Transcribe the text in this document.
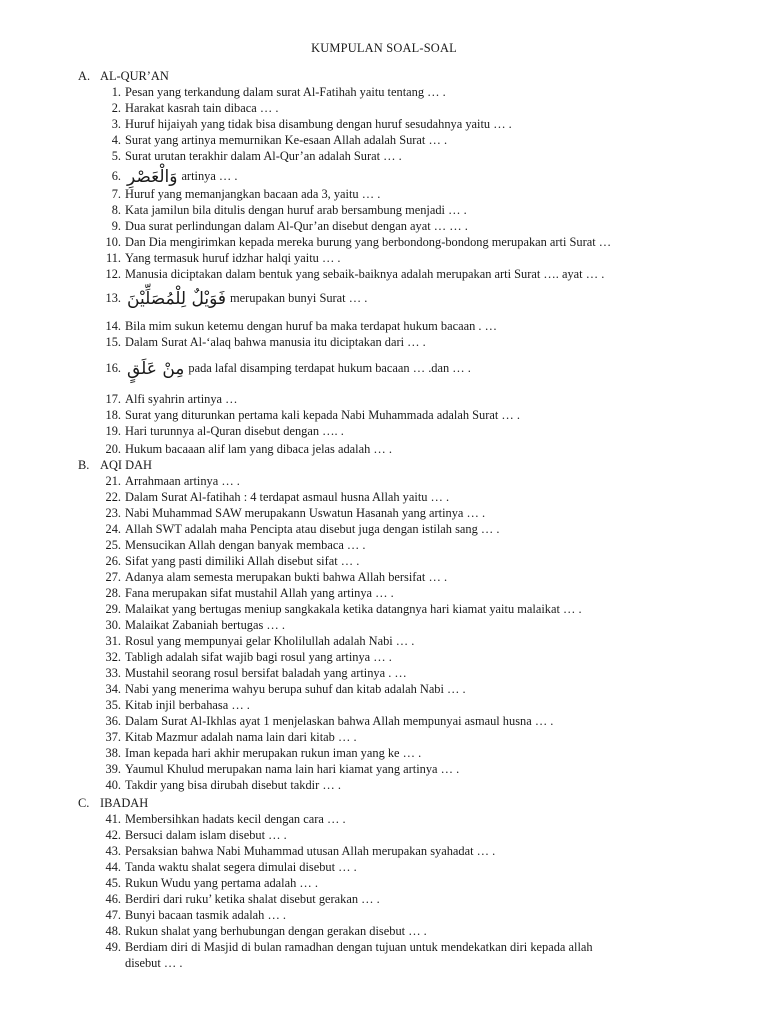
KUMPULAN SOAL-SOAL
A. AL-QUR’AN
B. AQI DAH
C. IBADAH
1. Pesan yang terkandung dalam surat Al-Fatihah yaitu tentang … .
2. Harakat kasrah tain dibaca … .
3. Huruf hijaiyah yang tidak bisa disambung dengan huruf sesudahnya yaitu … .
4. Surat yang artinya memurnikan Ke-esaan Allah adalah Surat … .
5. Surat urutan terakhir dalam Al-Qur’an adalah Surat … .
6. وَالْعَصْرِ artinya … .
7. Huruf yang memanjangkan bacaan ada 3, yaitu … .
8. Kata jamilun bila ditulis dengan huruf arab bersambung menjadi … .
9. Dua surat perlindungan dalam Al-Qur’an disebut dengan ayat … … .
10. Dan Dia mengirimkan kepada mereka burung yang berbondong-bondong merupakan arti Surat …
11. Yang termasuk huruf idzhar halqi yaitu … .
12. Manusia diciptakan dalam bentuk yang sebaik-baiknya adalah merupakan arti Surat …. ayat … .
13. فَوَيْلٌ لِلْمُصَلِّيْنَ merupakan bunyi Surat … .
14. Bila mim sukun ketemu dengan huruf ba maka terdapat hukum bacaan . …
15. Dalam Surat Al-‘alaq bahwa manusia itu diciptakan dari … .
16. مِنْ عَلَقٍ pada lafal disamping terdapat hukum bacaan … .dan … .
17. Alfi syahrin artinya …
18. Surat yang diturunkan pertama kali kepada Nabi Muhammada adalah Surat … .
19. Hari turunnya al-Quran disebut dengan …. .
20. Hukum bacaaan alif lam yang dibaca jelas adalah … .
21. Arrahmaan artinya … .
22. Dalam Surat Al-fatihah : 4 terdapat asmaul husna Allah yaitu … .
23. Nabi Muhammad SAW merupakann Uswatun Hasanah yang artinya … .
24. Allah SWT adalah maha Pencipta atau disebut juga dengan istilah sang … .
25. Mensucikan Allah dengan banyak membaca … .
26. Sifat yang pasti dimiliki Allah disebut sifat … .
27. Adanya alam semesta merupakan bukti bahwa Allah bersifat … .
28. Fana merupakan sifat mustahil Allah yang artinya … .
29. Malaikat yang bertugas meniup sangkakala ketika datangnya hari kiamat yaitu malaikat … .
30. Malaikat Zabaniah bertugas … .
31. Rosul yang mempunyai gelar Kholilullah adalah Nabi … .
32. Tabligh adalah sifat wajib bagi rosul yang artinya … .
33.Mustahil seorang rosul bersifat baladah yang artinya . …
34. Nabi yang menerima wahyu berupa suhuf dan kitab adalah Nabi … .
35. Kitab injil berbahasa … .
36.Dalam Surat Al-Ikhlas ayat 1 menjelaskan bahwa Allah mempunyai asmaul husna … .
37. Kitab Mazmur adalah nama lain dari kitab … .
38. Iman kepada hari akhir merupakan rukun iman yang ke … .
39. Yaumul Khulud merupakan nama lain hari kiamat yang artinya … .
40. Takdir yang bisa dirubah disebut takdir … .
41. Membersihkan hadats kecil dengan cara … .
42. Bersuci dalam islam disebut … .
43. Persaksian bahwa Nabi Muhammad utusan Allah merupakan syahadat … .
44. Tanda waktu shalat segera dimulai disebut … .
45. Rukun Wudu yang pertama adalah … .
46. Berdiri dari ruku’ ketika shalat disebut gerakan … .
47. Bunyi bacaan tasmik adalah … .
48. Rukun shalat yang berhubungan dengan gerakan disebut … .
49. Berdiam diri di Masjid di bulan ramadhan dengan tujuan untuk mendekatkan diri kepada allah
disebut … .
